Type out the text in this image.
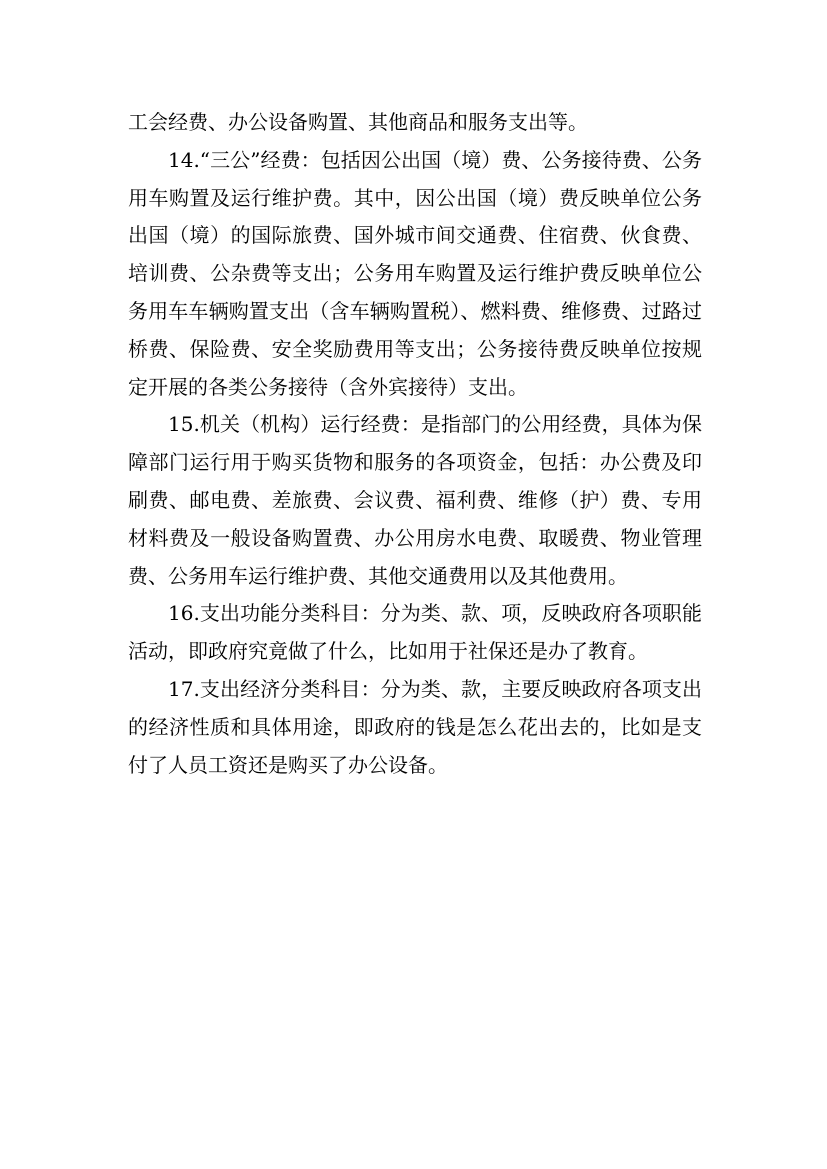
工会经费、办公设备购置、其他商品和服务支出等。

14.“三公”经费：包括因公出国（境）费、公务接待费、公务用车购置及运行维护费。其中，因公出国（境）费反映单位公务出国（境）的国际旅费、国外城市间交通费、住宿费、伙食费、培训费、公杂费等支出；公务用车购置及运行维护费反映单位公务用车车辆购置支出（含车辆购置税）、燃料费、维修费、过路过桥费、保险费、安全奖励费用等支出；公务接待费反映单位按规定开展的各类公务接待（含外宾接待）支出。

15.机关（机构）运行经费：是指部门的公用经费，具体为保障部门运行用于购买货物和服务的各项资金，包括：办公费及印刷费、邮电费、差旅费、会议费、福利费、维修（护）费、专用材料费及一般设备购置费、办公用房水电费、取暖费、物业管理费、公务用车运行维护费、其他交通费用以及其他费用。

16.支出功能分类科目：分为类、款、项，反映政府各项职能活动，即政府究竟做了什么，比如用于社保还是办了教育。

17.支出经济分类科目：分为类、款，主要反映政府各项支出的经济性质和具体用途，即政府的钱是怎么花出去的，比如是支付了人员工资还是购买了办公设备。
